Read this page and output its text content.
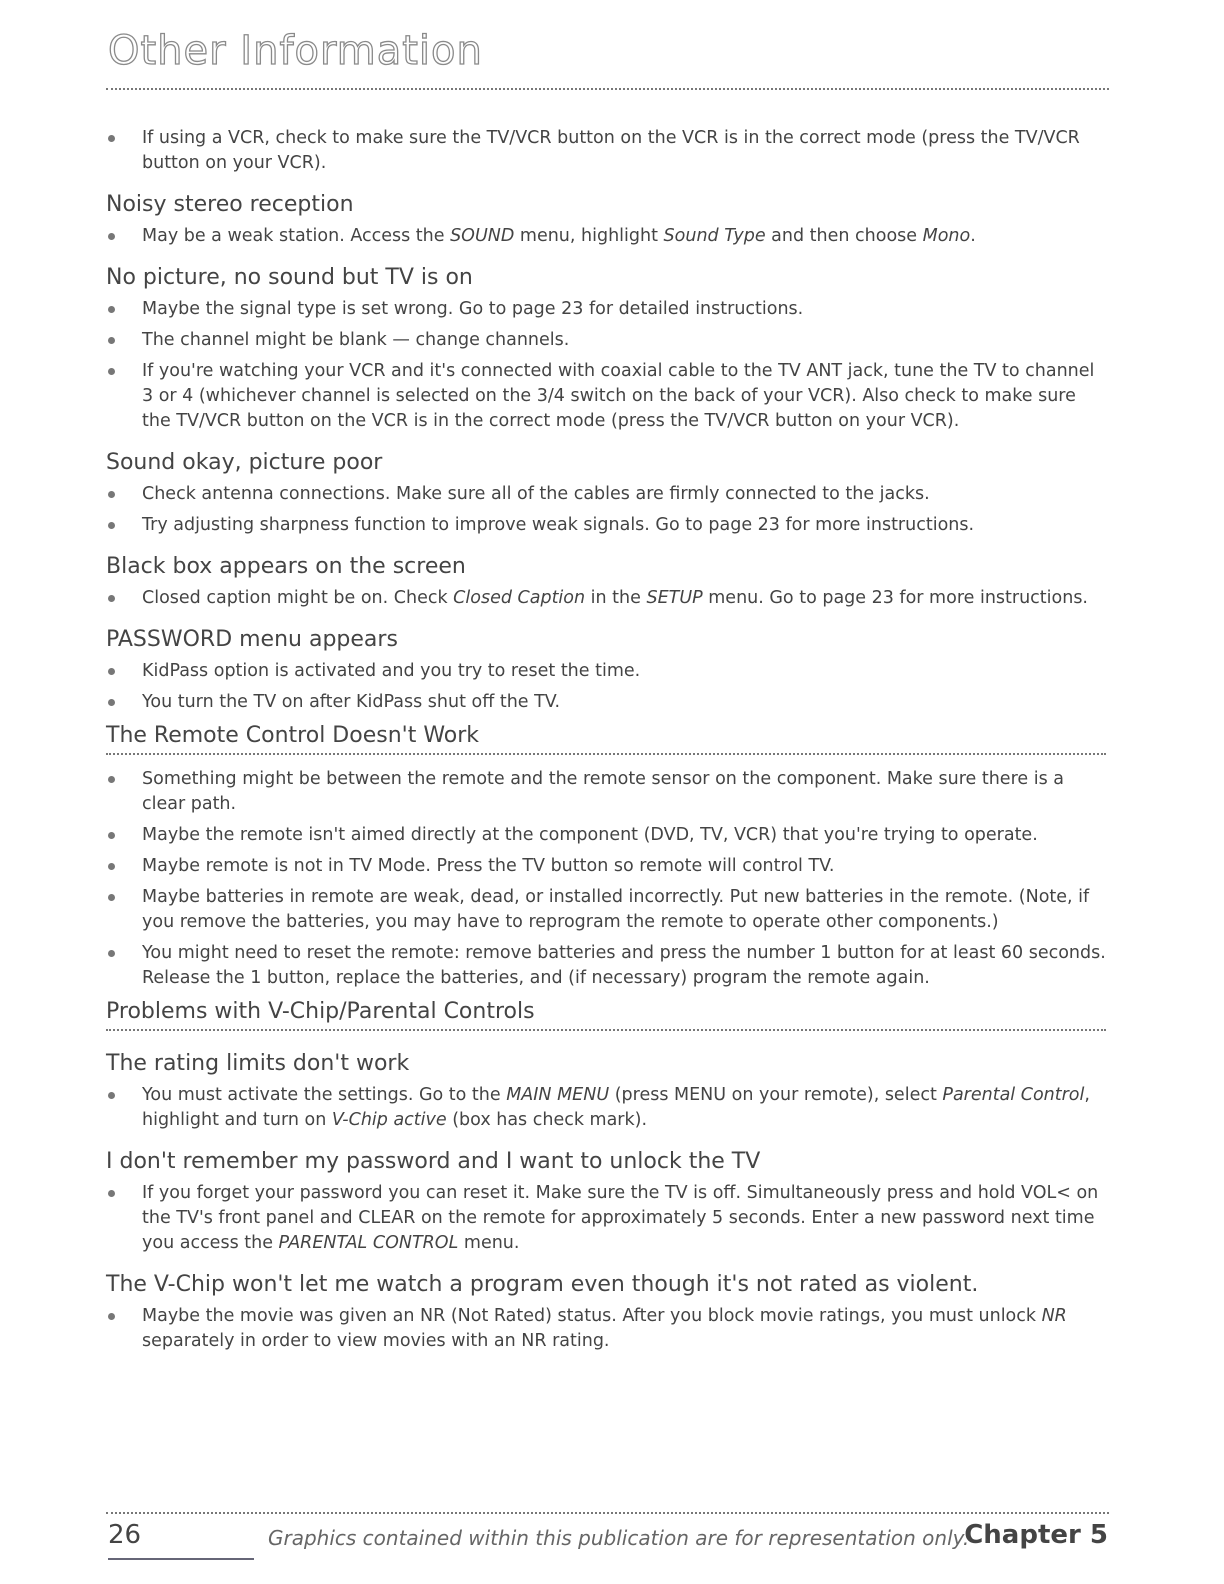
Other Information
If using a VCR, check to make sure the TV/VCR button on the VCR is in the correct mode (press the TV/VCR button on your VCR).
Noisy stereo reception
May be a weak station. Access the SOUND menu, highlight Sound Type and then choose Mono.
No picture, no sound but TV is on
Maybe the signal type is set wrong. Go to page 23 for detailed instructions.
The channel might be blank — change channels.
If you're watching your VCR and it's connected with coaxial cable to the TV ANT jack, tune the TV to channel 3 or 4 (whichever channel is selected on the 3/4 switch on the back of your VCR). Also check to make sure the TV/VCR button on the VCR is in the correct mode (press the TV/VCR button on your VCR).
Sound okay, picture poor
Check antenna connections. Make sure all of the cables are firmly connected to the jacks.
Try adjusting sharpness function to improve weak signals. Go to page 23 for more instructions.
Black box appears on the screen
Closed caption might be on. Check Closed Caption in the SETUP menu. Go to page 23 for more instructions.
PASSWORD menu appears
KidPass option is activated and you try to reset the time.
You turn the TV on after KidPass shut off the TV.
The Remote Control Doesn't Work
Something might be between the remote and the remote sensor on the component. Make sure there is a clear path.
Maybe the remote isn't aimed directly at the component (DVD, TV, VCR) that you're trying to operate.
Maybe remote is not in TV Mode. Press the TV button so remote will control TV.
Maybe batteries in remote are weak, dead, or installed incorrectly. Put new batteries in the remote. (Note, if you remove the batteries, you may have to reprogram the remote to operate other components.)
You might need to reset the remote: remove batteries and press the number 1 button for at least 60 seconds. Release the 1 button, replace the batteries, and (if necessary) program the remote again.
Problems with V-Chip/Parental Controls
The rating limits don't work
You must activate the settings. Go to the MAIN MENU (press MENU on your remote), select Parental Control, highlight and turn on V-Chip active (box has check mark).
I don't remember my password and I want to unlock the TV
If you forget your password you can reset it. Make sure the TV is off. Simultaneously press and hold VOL< on the TV's front panel and CLEAR on the remote for approximately 5 seconds. Enter a new password next time you access the PARENTAL CONTROL menu.
The V-Chip won't let me watch a program even though it's not rated as violent.
Maybe the movie was given an NR (Not Rated) status. After you block movie ratings, you must unlock NR separately in order to view movies with an NR rating.
26	Graphics contained within this publication are for representation only.
Chapter 5
